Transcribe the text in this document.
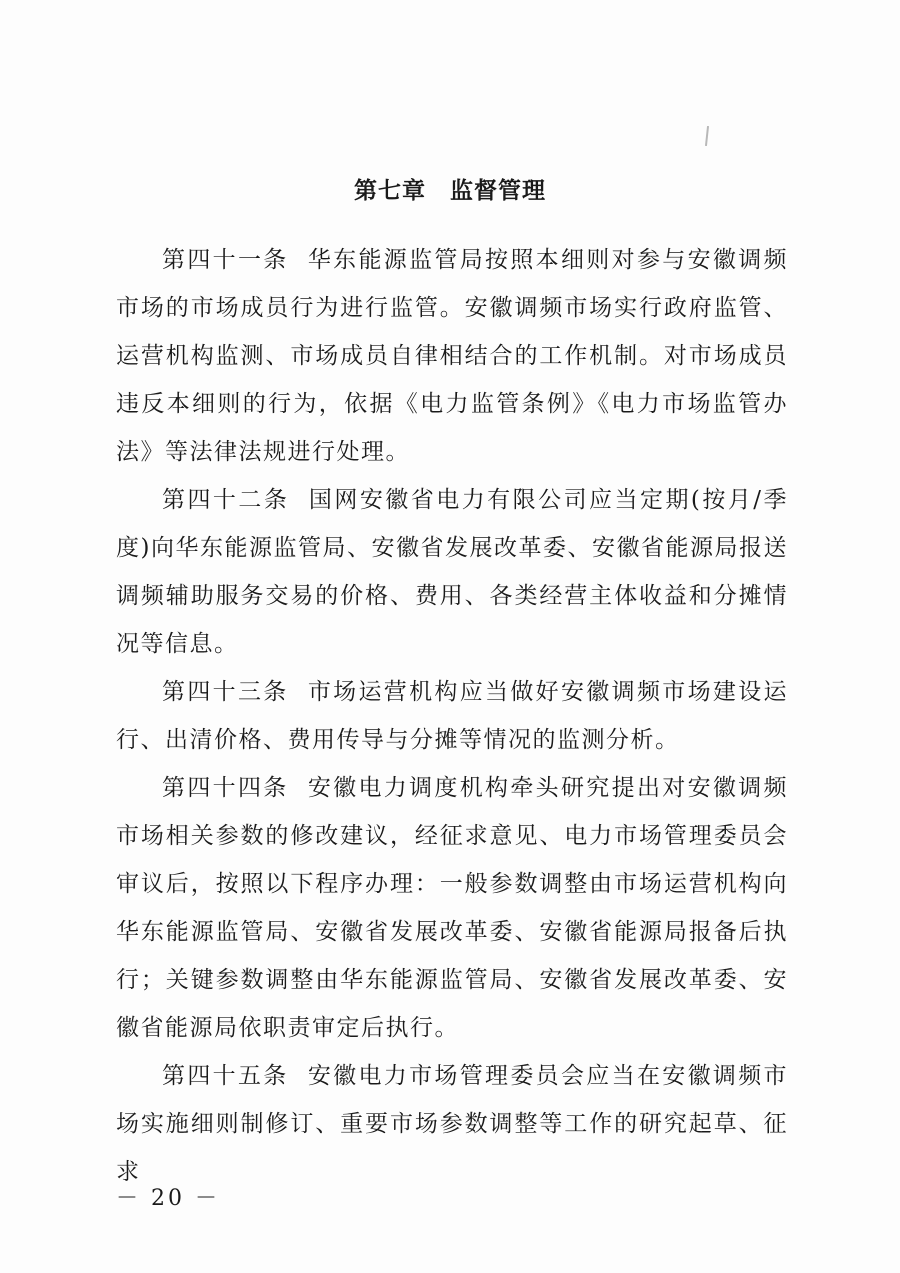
第七章　监督管理

第四十一条 华东能源监管局按照本细则对参与安徽调频市场的市场成员行为进行监管。安徽调频市场实行政府监管、运营机构监测、市场成员自律相结合的工作机制。对市场成员违反本细则的行为，依据《电力监管条例》《电力市场监管办法》等法律法规进行处理。

第四十二条 国网安徽省电力有限公司应当定期(按月/季度)向华东能源监管局、安徽省发展改革委、安徽省能源局报送调频辅助服务交易的价格、费用、各类经营主体收益和分摊情况等信息。

第四十三条 市场运营机构应当做好安徽调频市场建设运行、出清价格、费用传导与分摊等情况的监测分析。

第四十四条 安徽电力调度机构牵头研究提出对安徽调频市场相关参数的修改建议，经征求意见、电力市场管理委员会审议后，按照以下程序办理：一般参数调整由市场运营机构向华东能源监管局、安徽省发展改革委、安徽省能源局报备后执行；关键参数调整由华东能源监管局、安徽省发展改革委、安徽省能源局依职责审定后执行。

第四十五条 安徽电力市场管理委员会应当在安徽调频市场实施细则制修订、重要市场参数调整等工作的研究起草、征求

－ 20 －
